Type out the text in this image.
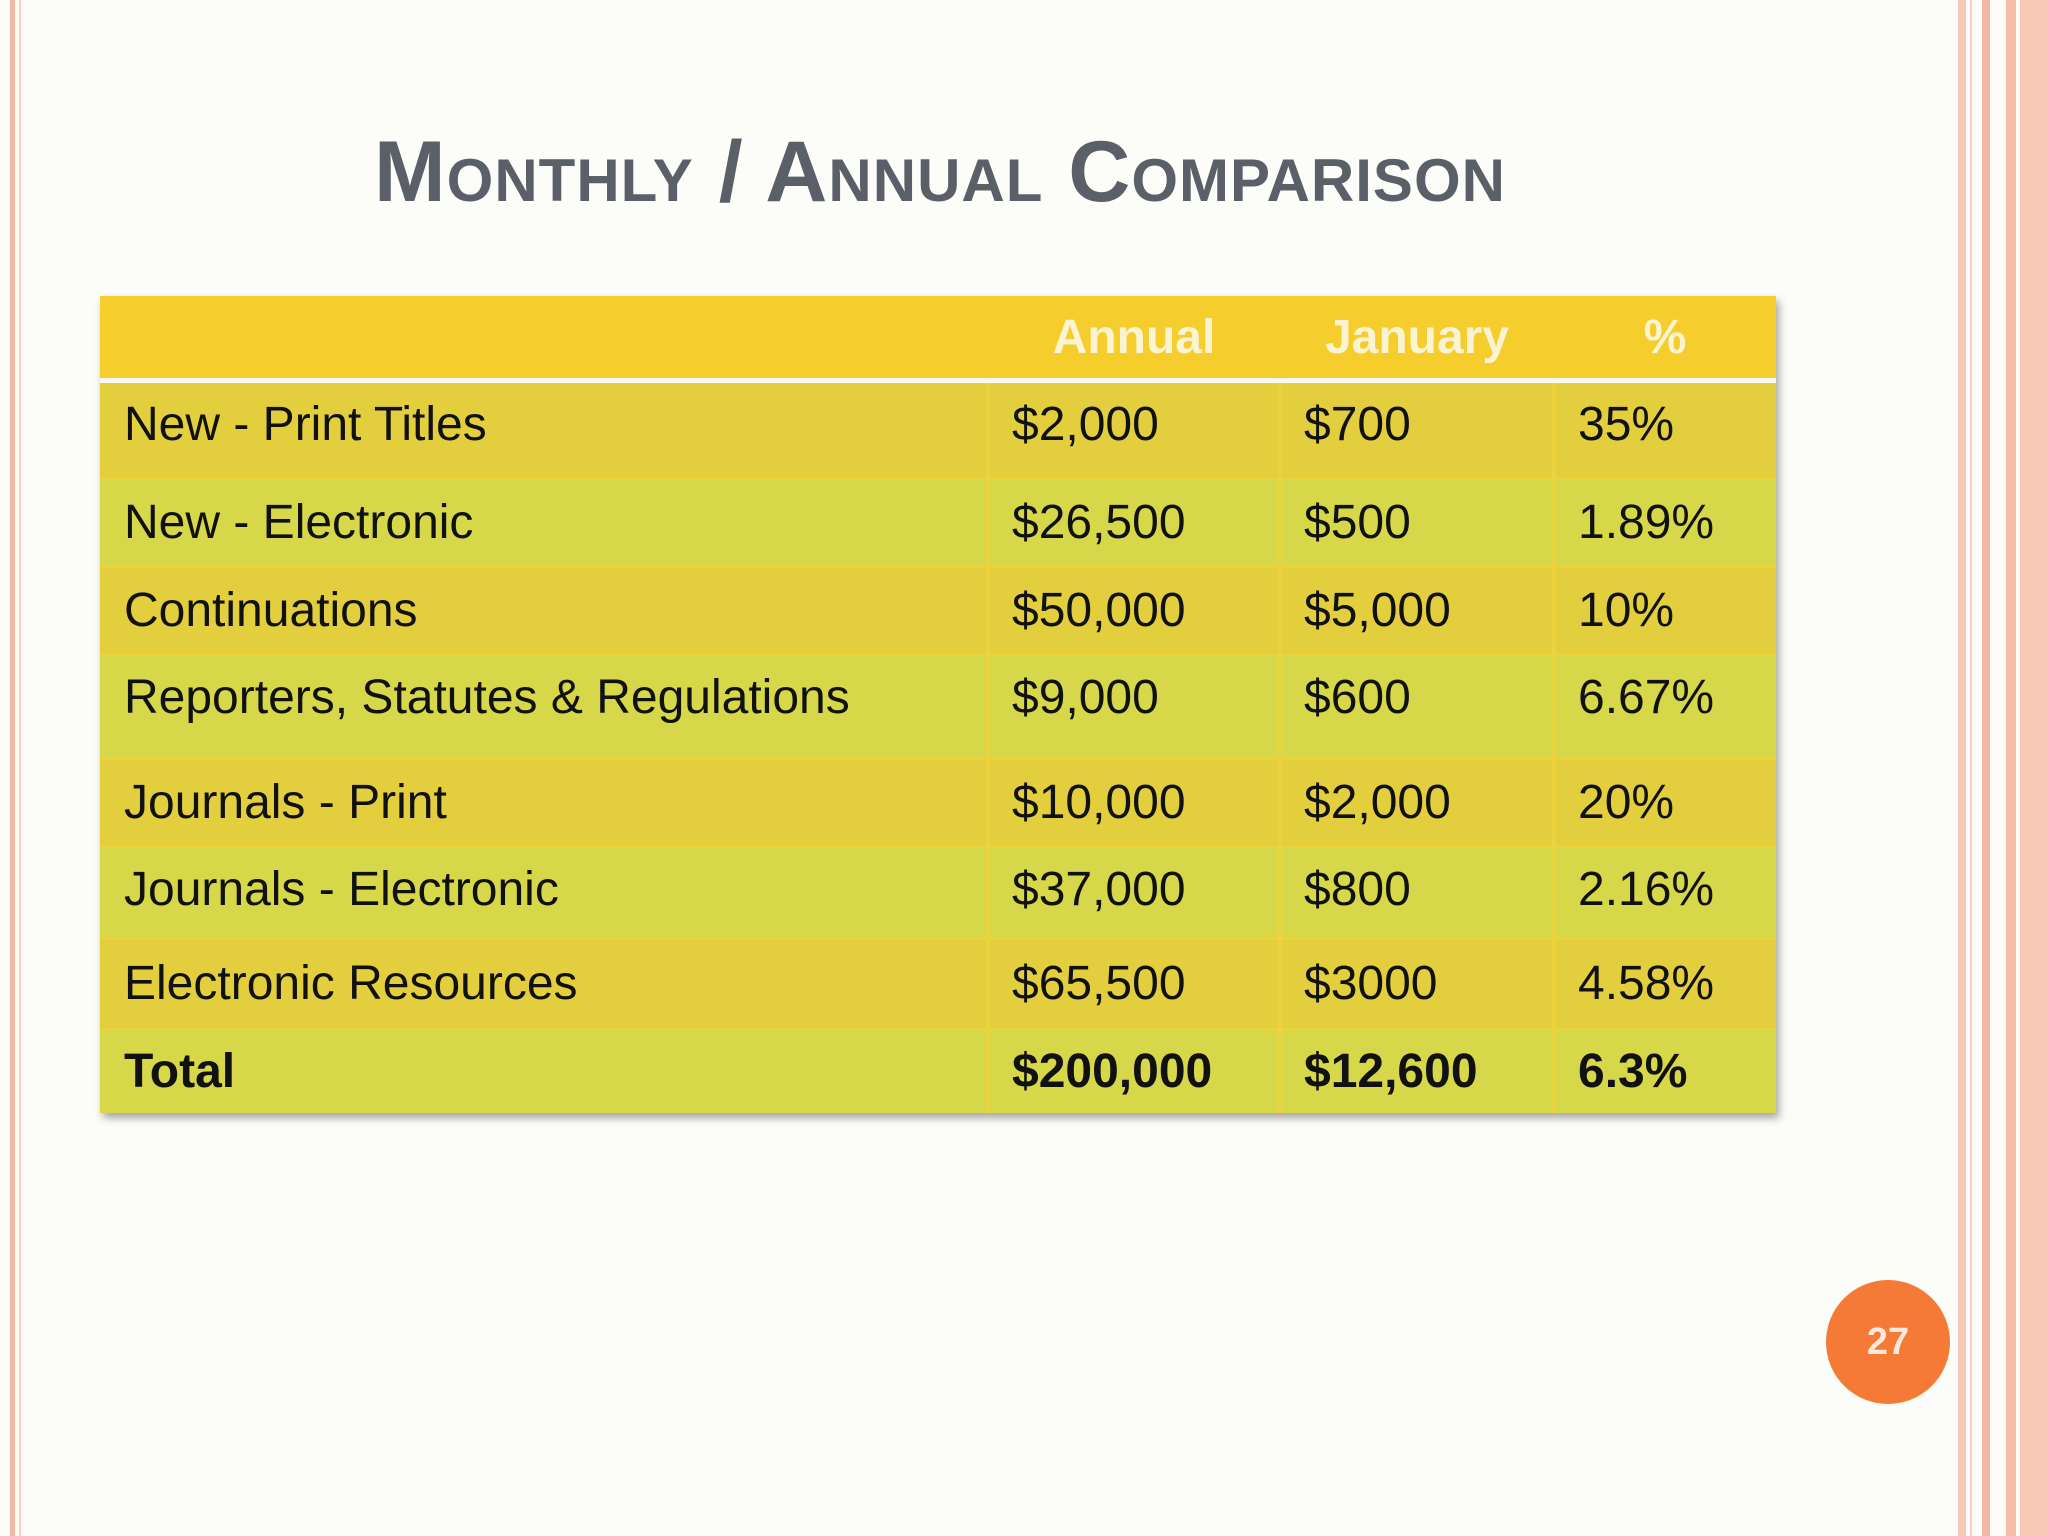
Monthly / Annual Comparison
	Annual	January	%
New - Print Titles	$2,000	$700	35%
New - Electronic	$26,500	$500	1.89%
Continuations	$50,000	$5,000	10%
Reporters, Statutes & Regulations	$9,000	$600	6.67%
Journals - Print	$10,000	$2,000	20%
Journals - Electronic	$37,000	$800	2.16%
Electronic Resources	$65,500	$3000	4.58%
Total	$200,000	$12,600	6.3%
27
